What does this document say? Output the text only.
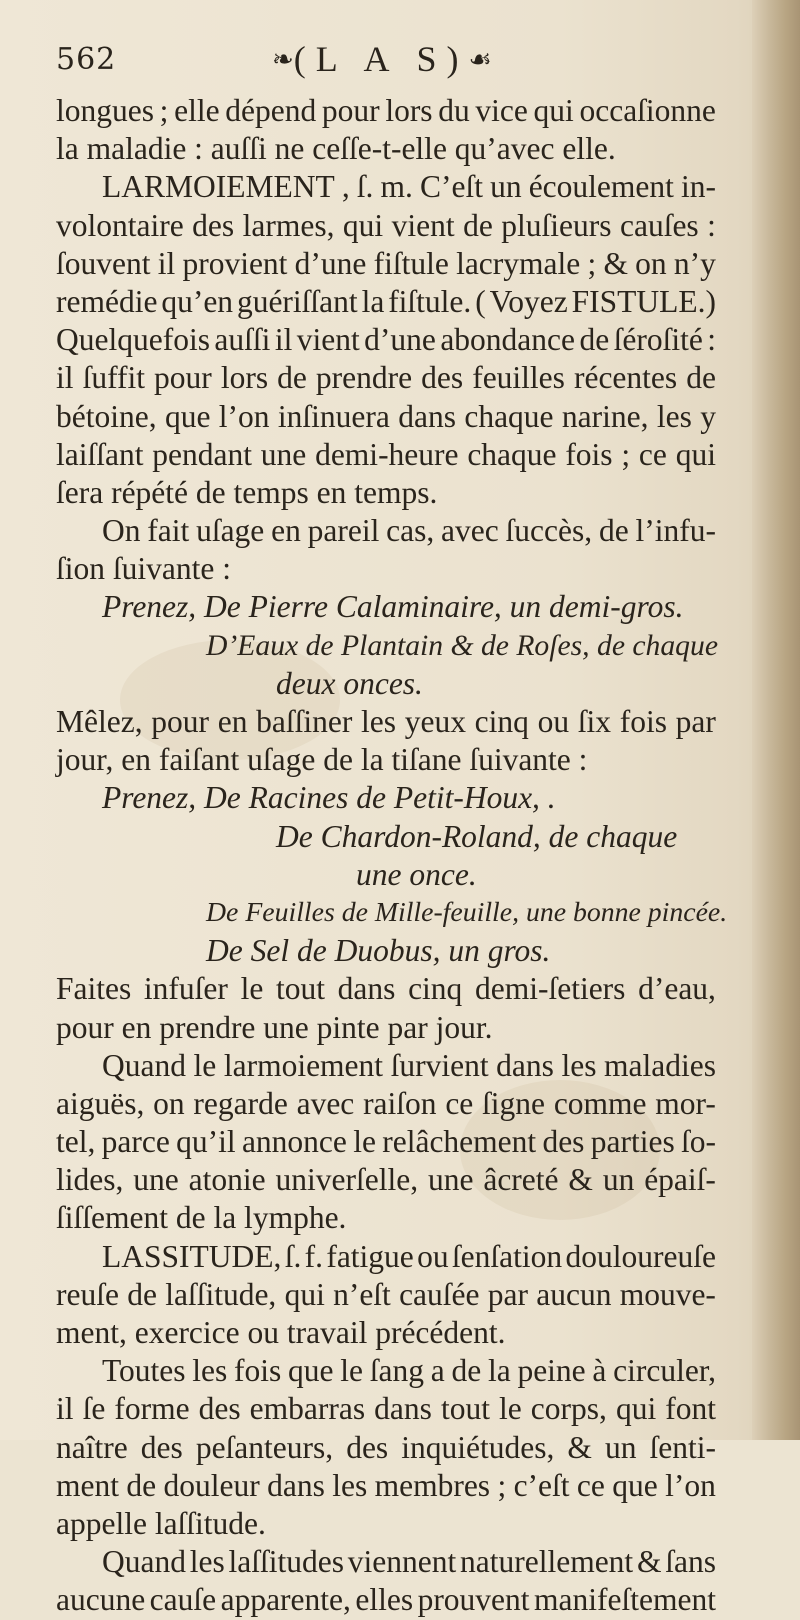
562	❧(L A S)☙
longues ; elle dépend pour lors du vice qui occaſionne
la maladie : auſſi ne ceſſe-t-elle qu’avec elle.
LARMOIEMENT , ſ. m. C’eſt un écoulement in-
volontaire des larmes, qui vient de pluſieurs cauſes :
ſouvent il provient d’une fiſtule lacrymale ; & on n’y
remédie qu’en guériſſant la fiſtule. ( Voyez FISTULE.)
Quelquefois auſſi il vient d’une abondance de ſéroſité :
il ſuffit pour lors de prendre des feuilles récentes de
bétoine, que l’on inſinuera dans chaque narine, les y
laiſſant pendant une demi-heure chaque fois ; ce qui
ſera répété de temps en temps.
On fait uſage en pareil cas, avec ſuccès, de l’infu-
ſion ſuivante :
Prenez, De Pierre Calaminaire, un demi-gros.
D’Eaux de Plantain & de Roſes, de chaque
deux onces.
Mêlez, pour en baſſiner les yeux cinq ou ſix fois par
jour, en faiſant uſage de la tiſane ſuivante :
Prenez, De Racines de Petit-Houx, .
De Chardon-Roland, de chaque
une once.
De Feuilles de Mille-feuille, une bonne pincée.
De Sel de Duobus, un gros.
Faites infuſer le tout dans cinq demi-ſetiers d’eau,
pour en prendre une pinte par jour.
Quand le larmoiement ſurvient dans les maladies
aiguës, on regarde avec raiſon ce ſigne comme mor-
tel, parce qu’il annonce le relâchement des parties ſo-
lides, une atonie univerſelle, une âcreté & un épaiſ-
ſiſſement de la lymphe.
LASSITUDE, ſ. f. fatigue ou ſenſation douloureuſe
reuſe de laſſitude, qui n’eſt cauſée par aucun mouve-
ment, exercice ou travail précédent.
Toutes les fois que le ſang a de la peine à circuler,
il ſe forme des embarras dans tout le corps, qui font
naître des peſanteurs, des inquiétudes, & un ſenti-
ment de douleur dans les membres ; c’eſt ce que l’on
appelle laſſitude.
Quand les laſſitudes viennent naturellement & ſans
aucune cauſe apparente, elles prouvent manifeſtement
